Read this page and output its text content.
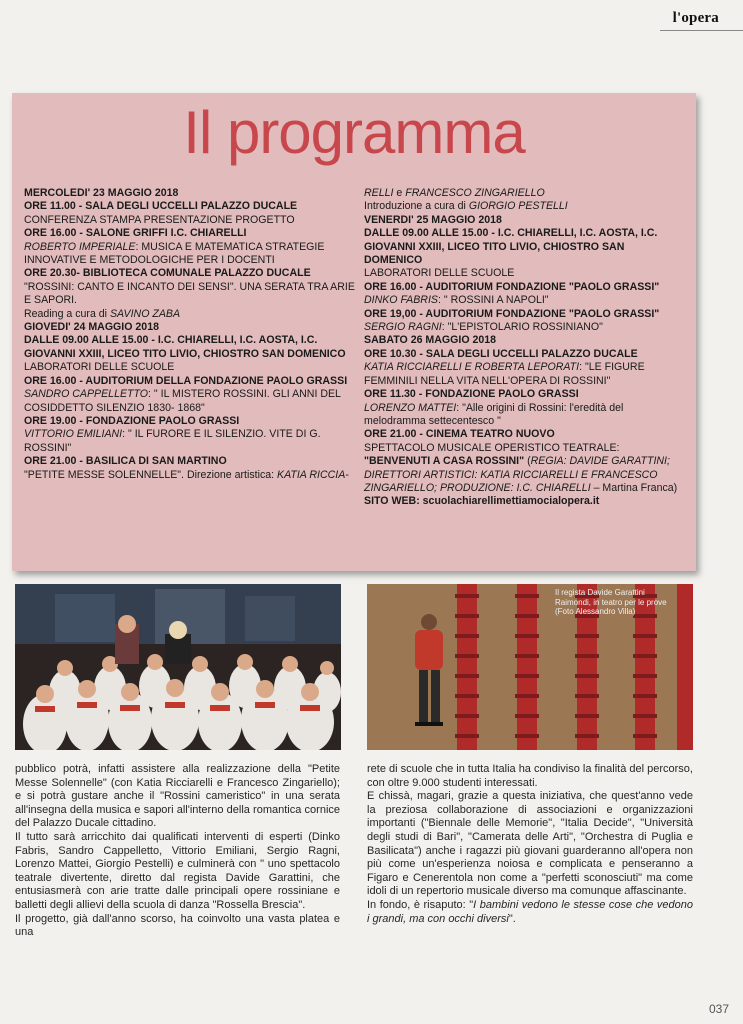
l'opera
Il programma
MERCOLEDI' 23 MAGGIO 2018
ORE 11.00 - SALA DEGLI UCCELLI PALAZZO DUCALE
CONFERENZA STAMPA PRESENTAZIONE PROGETTO
ORE 16.00 - SALONE GRIFFI I.C. CHIARELLI
ROBERTO IMPERIALE: MUSICA E MATEMATICA STRATEGIE INNOVATIVE E METODOLOGICHE PER I DOCENTI
ORE 20.30- BIBLIOTECA COMUNALE PALAZZO DUCALE
"ROSSINI: CANTO E INCANTO DEI SENSI". UNA SERATA TRA ARIE E SAPORI.
Reading a cura di SAVINO ZABA
GIOVEDI' 24 MAGGIO 2018
DALLE 09.00 ALLE 15.00 - I.C. CHIARELLI, I.C. AOSTA, I.C. GIOVANNI XXIII, LICEO TITO LIVIO, CHIOSTRO SAN DOMENICO
LABORATORI DELLE SCUOLE
ORE 16.00 - AUDITORIUM DELLA FONDAZIONE PAOLO GRASSI
SANDRO CAPPELLETTO: " IL MISTERO ROSSINI. GLI ANNI DEL COSIDDETTO SILENZIO 1830- 1868"
ORE 19.00 - FONDAZIONE PAOLO GRASSI
VITTORIO EMILIANI: " IL FURORE E IL SILENZIO. VITE DI G. ROSSINI"
ORE 21.00 - BASILICA DI SAN MARTINO
"PETITE MESSE SOLENNELLE". Direzione artistica: KATIA RICCIA-
RELLI e FRANCESCO ZINGARIELLO
Introduzione a cura di GIORGIO PESTELLI
VENERDI' 25 MAGGIO 2018
DALLE 09.00 ALLE 15.00 - I.C. CHIARELLI, I.C. AOSTA, I.C. GIOVANNI XXIII, LICEO TITO LIVIO, CHIOSTRO SAN DOMENICO
LABORATORI DELLE SCUOLE
ORE 16.00 - AUDITORIUM FONDAZIONE "PAOLO GRASSI"
DINKO FABRIS: " ROSSINI A NAPOLI"
ORE 19,00 - AUDITORIUM FONDAZIONE "PAOLO GRASSI"
SERGIO RAGNI: "L'EPISTOLARIO ROSSINIANO"
SABATO 26 MAGGIO 2018
ORE 10.30 - SALA DEGLI UCCELLI PALAZZO DUCALE
KATIA RICCIARELLI E ROBERTA LEPORATI: "LE FIGURE FEMMINILI NELLA VITA NELL'OPERA DI ROSSINI"
ORE 11.30 - FONDAZIONE PAOLO GRASSI
LORENZO MATTEI: "Alle origini di Rossini: l'eredità del melodramma settecentesco "
ORE 21.00 - CINEMA TEATRO NUOVO
SPETTACOLO MUSICALE OPERISTICO TEATRALE: "BENVENUTI A CASA ROSSINI" (REGIA: DAVIDE GARATTINI; DIRETTORI ARTISTICI: KATIA RICCIARELLI E FRANCESCO ZINGARIELLO; PRODUZIONE: I.C. CHIARELLI – Martina Franca)
SITO WEB: scuolachiarellimettiamocialopera.it
Il regista Davide Garattini Raimondi, in teatro per le prove (Foto Alessandro Villa)

pubblico potrà, infatti assistere alla realizzazione della "Petite Messe Solennelle" (con Katia Ricciarelli e Francesco Zingariello); e si potrà gustare anche il "Rossini cameristico" in una serata all'insegna della musica e sapori all'interno della romantica cornice del Palazzo Ducale cittadino.

Il tutto sarà arricchito dai qualificati interventi di esperti (Dinko Fabris, Sandro Cappelletto, Vittorio Emiliani, Sergio Ragni, Lorenzo Mattei, Giorgio Pestelli) e culminerà con " uno spettacolo teatrale divertente, diretto dal regista Davide Garattini, che entusiasmerà con arie tratte dalle principali opere rossiniane e balletti degli allievi della scuola di danza "Rossella Brescia".

Il progetto, già dall'anno scorso, ha coinvolto una vasta platea e una

rete di scuole che in tutta Italia ha condiviso la finalità del percorso, con oltre 9.000 studenti interessati.

E chissà, magari, grazie a questa iniziativa, che quest'anno vede la preziosa collaborazione di associazioni e organizzazioni importanti ("Biennale delle Memorie", "Italia Decide", "Università degli studi di Bari", "Camerata delle Arti", "Orchestra di Puglia e Basilicata") anche i ragazzi più giovani guarderanno all'opera non più come un'esperienza noiosa e complicata e penseranno a Figaro e Cenerentola non come a "perfetti sconosciuti" ma come idoli di un repertorio musicale diverso ma comunque affascinante.

In fondo, è risaputo: "I bambini vedono le stesse cose che vedono i grandi, ma con occhi diversi".

037
